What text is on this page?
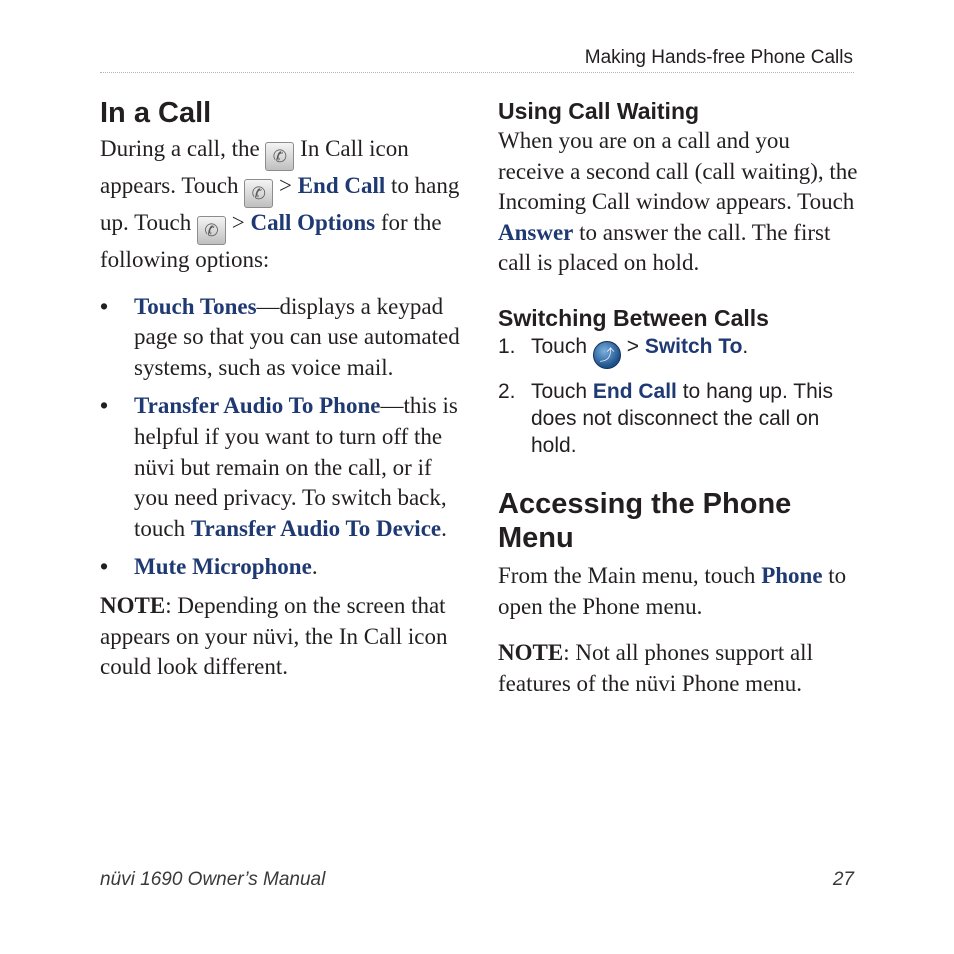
Making Hands-free Phone Calls
In a Call

During a call, the ✆ In Call icon appears. Touch ✆ > End Call to hang up. Touch ✆ > Call Options for the following options:

• Touch Tones—displays a keypad page so that you can use automated systems, such as voice mail.

• Transfer Audio To Phone—this is helpful if you want to turn off the nüvi but remain on the call, or if you need privacy. To switch back, touch Transfer Audio To Device.

• Mute Microphone.

NOTE: Depending on the screen that appears on your nüvi, the In Call icon could look different.

Using Call Waiting

When you are on a call and you receive a second call (call waiting), the Incoming Call window appears. Touch Answer to answer the call. The first call is placed on hold.

Switching Between Calls
1. Touch ⤴ > Switch To.
2. Touch End Call to hang up. This does not disconnect the call on hold.
Accessing the Phone Menu

From the Main menu, touch Phone to open the Phone menu.

NOTE: Not all phones support all features of the nüvi Phone menu.

nüvi 1690 Owner’s Manual	27
